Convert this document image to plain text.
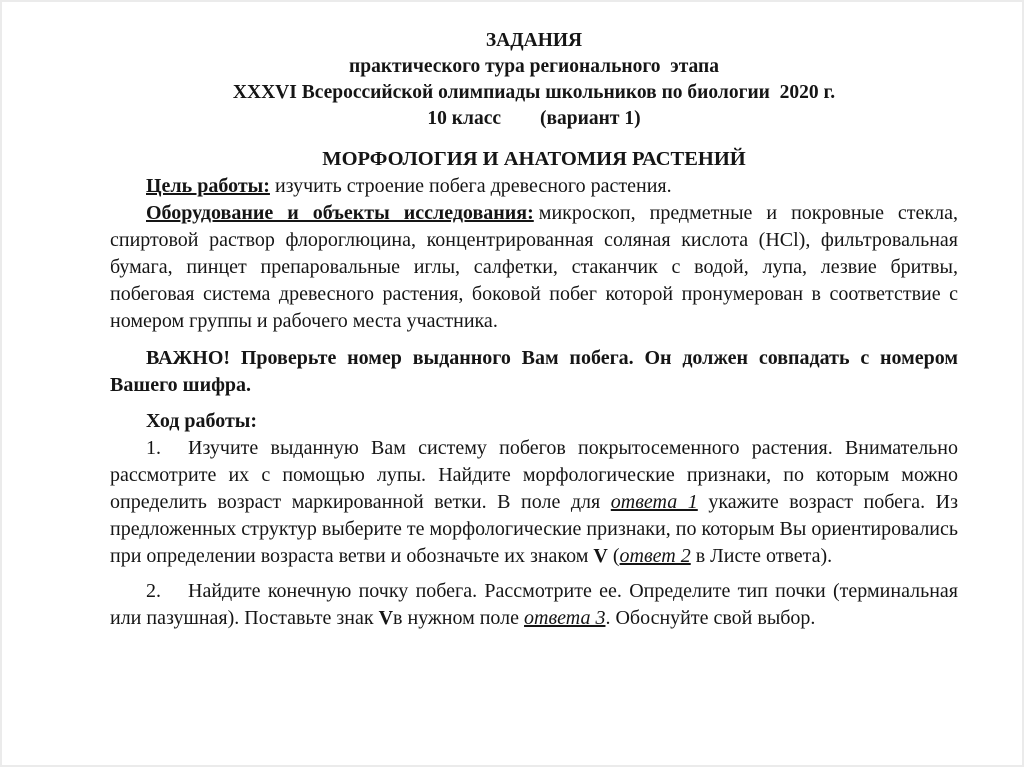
ЗАДАНИЯ
практического тура регионального  этапа
XXXVI Всероссийской олимпиады школьников по биологии  2020 г.
10 класс        (вариант 1)
МОРФОЛОГИЯ И АНАТОМИЯ РАСТЕНИЙ

Цель работы: изучить строение побега древесного растения.

Оборудование и объекты исследования: микроскоп, предметные и покровные стекла, спиртовой раствор флороглюцина, концентрированная соляная кислота (HCl), фильтровальная бумага, пинцет препаровальные иглы, салфетки, стаканчик с водой, лупа, лезвие бритвы, побеговая система древесного растения, боковой побег которой пронумерован в соответствие с номером группы и рабочего места участника.

ВАЖНО! Проверьте номер выданного Вам побега. Он должен совпадать с номером Вашего шифра.

Ход работы:

1. Изучите выданную Вам систему побегов покрытосеменного растения. Внимательно рассмотрите их с помощью лупы. Найдите морфологические признаки, по которым можно определить возраст маркированной ветки. В поле для ответа 1 укажите возраст побега. Из предложенных структур выберите те морфологические признаки, по которым Вы ориентировались при определении возраста ветви и обозначьте их знаком V (ответ 2 в Листе ответа).

2. Найдите конечную почку побега. Рассмотрите ее. Определите тип почки (терминальная или пазушная). Поставьте знак Vв нужном поле ответа 3. Обоснуйте свой выбор.
